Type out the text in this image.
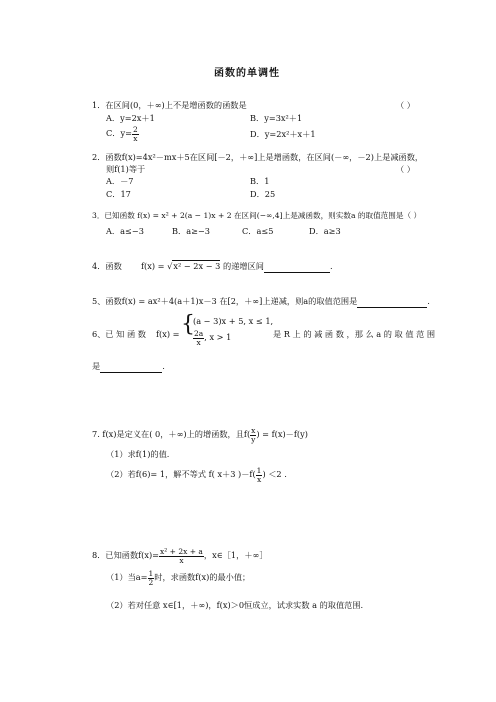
函数的单调性
1．在区间(0，＋∞)上不是增函数的函数是	（ ）
A．y=2x＋1	B．y=3x²＋1
C．$y= \frac{2}{x}$	D．y=2x²＋x＋1
2．函数f(x)=4x²－mx＋5在区间[－2，＋∞]上是增函数，在区间(－∞，－2)上是减函数，
则f(1)等于	（ ）
A．－7	B．1
C．17	D．25
3．已知函数 f(x) = x² + 2(a − 1)x + 2 在区间(−∞,4]上是减函数，则实数a 的取值范围是（ ）
A．a≤−3	B．a≥−3	C．a≤5	D．a≥3
4．函数 f(x) = √x² − 2x − 3 的递增区间	.
5、函数f(x) = ax²＋4(a＋1)x－3 在[2，＋∞]上递减，则a的取值范围是	.
6、已 知 函 数 f(x) = {
(a − 3)x + 5, x ≤ 1,
$\frac{2a}{x}$ , x > 1	是 R 上 的 减 函 数 ，那 么 a 的 取 值 范 围
是	.
7. f(x)是定义在( 0，＋∞)上的增函数，且$f( \frac{x}{y}$ ) = f(x)－f(y)
（1）求f(1)的值.
（2）若f(6)= 1，解不等式 f( x＋3 )$-f( \frac{1}{x}$ ) ＜2 .
8．已知函数$f(x)= \frac{\text{x² + 2x + a}}{x}$ ，x∈［1，＋∞］
（1）当$a= \frac{1}{2}$ 时，求函数f(x)的最小值；
（2）若对任意 x∈[1，＋∞)，f(x)＞0恒成立，试求实数 a 的取值范围.
